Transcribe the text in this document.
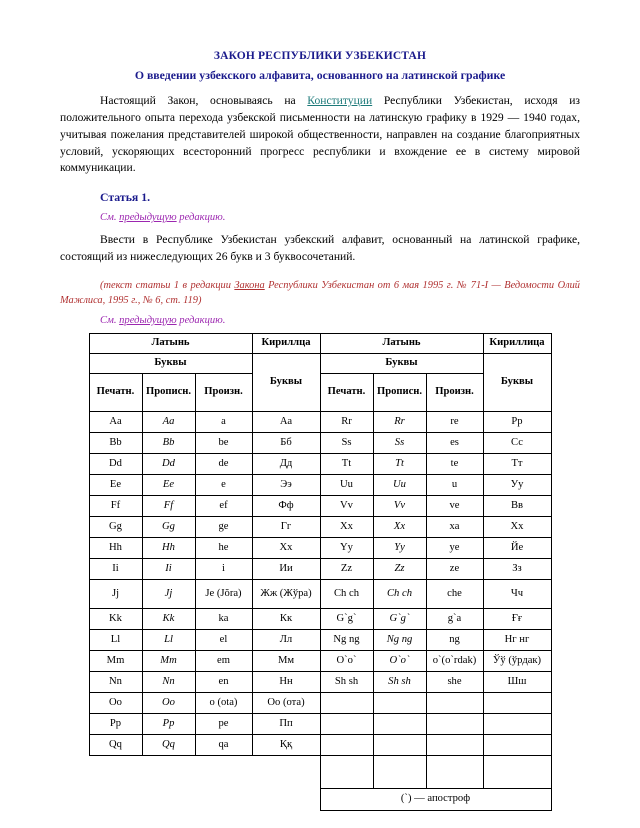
ЗАКОН РЕСПУБЛИКИ УЗБЕКИСТАН
О введении узбекского алфавита, основанного на латинской графике

Настоящий Закон, основываясь на Конституции Республики Узбекистан, исходя из положительного опыта перехода узбекской письменности на латинскую графику в 1929 — 1940 годах, учитывая пожелания представителей широкой общественности, направлен на создание благоприятных условий, ускоряющих всесторонний прогресс республики и вхождение ее в систему мировой коммуникации.

Статья 1.
См. предыдущую редакцию.

Ввести в Республике Узбекистан узбекский алфавит, основанный на латинской графике, состоящий из нижеследующих 26 букв и 3 буквосочетаний.

(текст статьи 1 в редакции Закона Республики Узбекистан от 6 мая 1995 г. № 71-I — Ведомости Олий Мажлиса, 1995 г., № 6, ст. 119)
См. предыдущую редакцию.
Латынь			Кириллца	Латынь			Кириллица
Буквы			Буквы	Буквы			Буквы
Печатн.	Прописн.	Произн.		Печатн.	Прописн.	Произн.	
Aa	Aa	a	Аа	Rr	Rr	re	Рр
Bb	Bb	be	Бб	Ss	Ss	es	Сс
Dd	Dd	de	Дд	Tt	Tt	te	Тт
Ee	Ee	e	Ээ	Uu	Uu	u	Уу
Ff	Ff	ef	Фф	Vv	Vv	ve	Вв
Gg	Gg	ge	Гг	Xx	Xx	xa	Хх
Hh	Hh	he	Хx	Yy	Yy	ye	Йе
Ii	Ii	i	Ии	Zz	Zz	ze	Зз
Jj	Jj	Je (Jŏra)	Жж (Жўра)	Ch ch	Ch ch	che	Чч
Kk	Kk	ka	Кк	G`g`	G`g`	g`a	Ғғ
Ll	Ll	el	Лл	Ng ng	Ng ng	ng	Нг нг
Mm	Mm	em	Мм	O`o`	O`o`	o`(o`rdak)	Ўў (ўрдак)
Nn	Nn	en	Нн	Sh sh	Sh sh	she	Шш
Oo	Oo	o (ota)	Оо (ота)				
Pp	Pp	pe	Пп				
Qq	Qq	qa	Ққ				

				(`) — апостроф			
